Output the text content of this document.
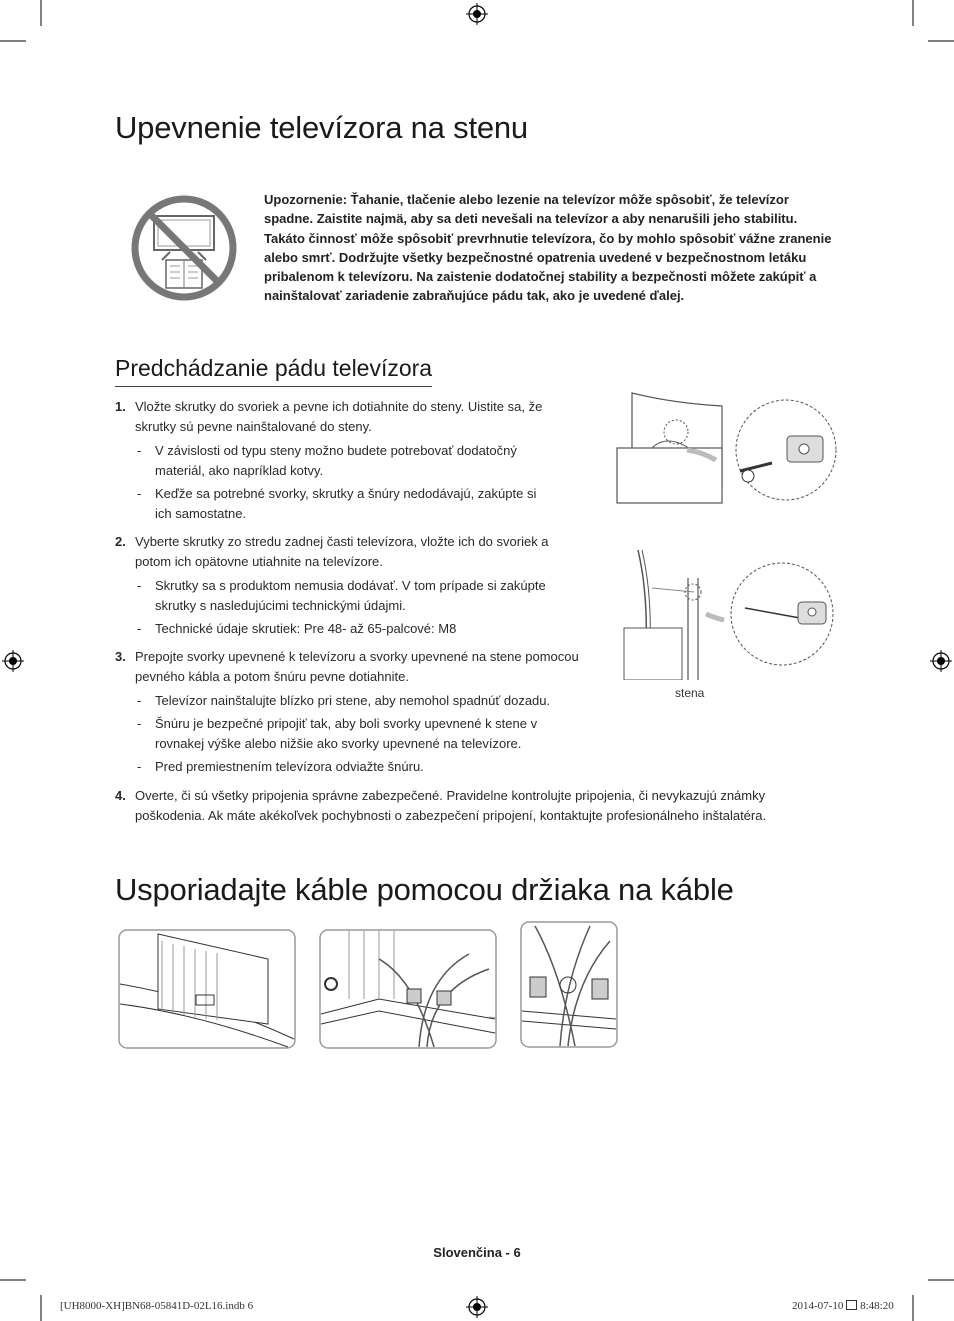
Upevnenie televízora na stenu
Upozornenie: Ťahanie, tlačenie alebo lezenie na televízor môže spôsobiť, že televízor spadne. Zaistite najmä, aby sa deti nevešali na televízor a aby nenarušili jeho stabilitu. Takáto činnosť môže spôsobiť prevrhnutie televízora, čo by mohlo spôsobiť vážne zranenie alebo smrť. Dodržujte všetky bezpečnostné opatrenia uvedené v bezpečnostnom letáku pribalenom k televízoru. Na zaistenie dodatočnej stability a bezpečnosti môžete zakúpiť a nainštalovať zariadenie zabraňujúce pádu tak, ako je uvedené ďalej.
Predchádzanie pádu televízora
1. Vložte skrutky do svoriek a pevne ich dotiahnite do steny. Uistite sa, že skrutky sú pevne nainštalované do steny.
- V závislosti od typu steny možno budete potrebovať dodatočný materiál, ako napríklad kotvy.
- Keďže sa potrebné svorky, skrutky a šnúry nedodávajú, zakúpte si ich samostatne.
2. Vyberte skrutky zo stredu zadnej časti televízora, vložte ich do svoriek a potom ich opätovne utiahnite na televízore.
- Skrutky sa s produktom nemusia dodávať. V tom prípade si zakúpte skrutky s nasledujúcimi technickými údajmi.
- Technické údaje skrutiek: Pre 48- až 65-palcové: M8
3. Prepojte svorky upevnené k televízoru a svorky upevnené na stene pomocou pevného kábla a potom šnúru pevne dotiahnite.
- Televízor nainštalujte blízko pri stene, aby nemohol spadnúť dozadu.
- Šnúru je bezpečné pripojiť tak, aby boli svorky upevnené k stene v rovnakej výške alebo nižšie ako svorky upevnené na televízore.
- Pred premiestnením televízora odviažte šnúru.
4. Overte, či sú všetky pripojenia správne zabezpečené. Pravidelne kontrolujte pripojenia, či nevykazujú známky poškodenia. Ak máte akékoľvek pochybnosti o zabezpečení pripojení, kontaktujte profesionálneho inštalatéra.
stena
Usporiadajte káble pomocou držiaka na káble
Slovenčina - 6
[UH8000-XH]BN68-05841D-02L16.indb 6	2014-07-10 8:48:20
